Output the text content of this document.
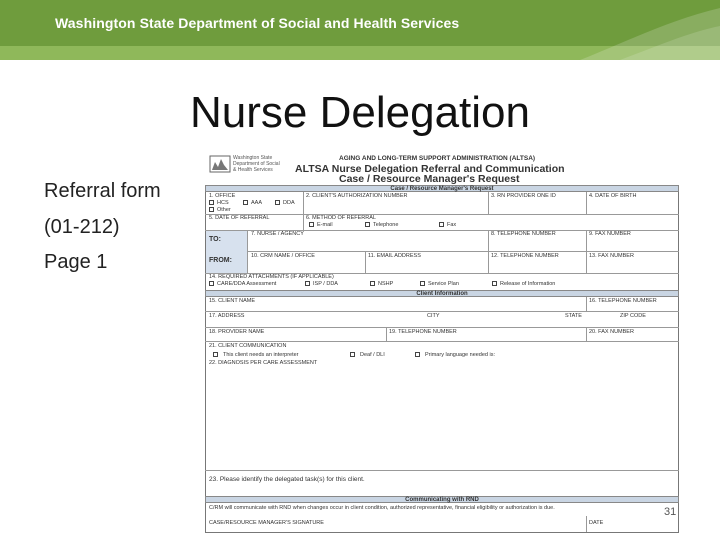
Washington State Department of Social and Health Services
Nurse Delegation
Referral form
(01-212)
Page 1
Washington State
Department of Social
& Health Services
AGING AND LONG-TERM SUPPORT ADMINISTRATION (ALTSA)
ALTSA Nurse Delegation Referral and Communication
Case / Resource Manager's Request
Case / Resource Manager's Request
1. OFFICE
HCS	AAA	DDA
Other
2. CLIENT'S AUTHORIZATION NUMBER	3. RN PROVIDER ONE ID	4. DATE OF BIRTH
5. DATE OF REFERRAL	6. METHOD OF REFERRAL
E-mail	Telephone	Fax
TO:
FROM:
7. NURSE / AGENCY	8. TELEPHONE NUMBER	9. FAX NUMBER
10. CRM NAME / OFFICE	11. EMAIL ADDRESS	12. TELEPHONE NUMBER	13. FAX NUMBER
14. REQUIRED ATTACHMENTS (IF APPLICABLE)
CARE/DDA Assessment	ISP / DDA	NSHP	Service Plan	Release of Information
Client Information
15. CLIENT NAME	16. TELEPHONE NUMBER
17. ADDRESS	CITY	STATE	ZIP CODE
18. PROVIDER NAME	19. TELEPHONE NUMBER	20. FAX NUMBER
21. CLIENT COMMUNICATION
This client needs an interpreter	Deaf / DLI	Primary language needed is:
22. DIAGNOSIS PER CARE ASSESSMENT
23. Please identify the delegated task(s) for this client.
Communicating with RND
C/RM will communicate with RND when changes occur in client condition, authorized representative, financial eligibility or authorization is due.
CASE/RESOURCE MANAGER'S SIGNATURE	DATE
31
